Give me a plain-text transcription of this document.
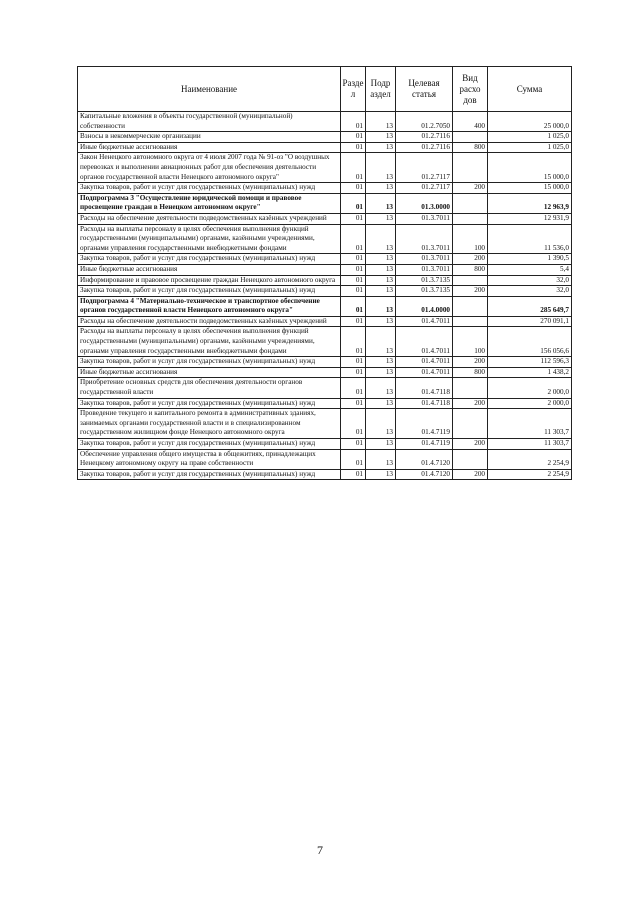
Наименование	Разде л	Подр аздел	Целевая статья	Вид расхо дов	Сумма
Капитальные вложения в объекты государственной (муниципальной) собственности	01	13	01.2.7050	400	25 000,0
Взносы в некоммерческие организации	01	13	01.2.7116		1 025,0
Иные бюджетные ассигнования	01	13	01.2.7116	800	1 025,0
Закон Ненецкого автономного округа от 4 июля 2007 года № 91-оз "О воздушных перевозках и выполнении авиационных работ для обеспечения деятельности органов государственной власти Ненецкого автономного округа"	01	13	01.2.7117		15 000,0
Закупка товаров, работ и услуг для государственных (муниципальных) нужд	01	13	01.2.7117	200	15 000,0
Подпрограмма 3 "Осуществление юридической помощи и правовое просвещение граждан в Ненецком автономном округе"	01	13	01.3.0000		12 963,9
Расходы на обеспечение деятельности подведомственных казённых учреждений	01	13	01.3.7011		12 931,9
Расходы на выплаты персоналу в целях обеспечения выполнения функций государственными (муниципальными) органами, казёнными учреждениями, органами управления государственными внебюджетными фондами	01	13	01.3.7011	100	11 536,0
Закупка товаров, работ и услуг для государственных (муниципальных) нужд	01	13	01.3.7011	200	1 390,5
Иные бюджетные ассигнования	01	13	01.3.7011	800	5,4
Информирование и правовое просвещение граждан Ненецкого автономного округа	01	13	01.3.7135		32,0
Закупка товаров, работ и услуг для государственных (муниципальных) нужд	01	13	01.3.7135	200	32,0
Подпрограмма 4 "Материально-техническое и транспортное обеспечение органов государственной власти Ненецкого автономного округа"	01	13	01.4.0000		285 649,7
Расходы на обеспечение деятельности подведомственных казённых учреждений	01	13	01.4.7011		270 091,1
Расходы на выплаты персоналу в целях обеспечения выполнения функций государственными (муниципальными) органами, казёнными учреждениями, органами управления государственными внебюджетными фондами	01	13	01.4.7011	100	156 056,6
Закупка товаров, работ и услуг для государственных (муниципальных) нужд	01	13	01.4.7011	200	112 596,3
Иные бюджетные ассигнования	01	13	01.4.7011	800	1 438,2
Приобретение основных средств для обеспечения деятельности органов государственной власти	01	13	01.4.7118		2 000,0
Закупка товаров, работ и услуг для государственных (муниципальных) нужд	01	13	01.4.7118	200	2 000,0
Проведение текущего и капитального ремонта в административных зданиях, занимаемых органами государственной власти и в специализированном государственном жилищном фонде Ненецкого автономного округа	01	13	01.4.7119		11 303,7
Закупка товаров, работ и услуг для государственных (муниципальных) нужд	01	13	01.4.7119	200	11 303,7
Обеспечение управления общего имущества в общежитиях, принадлежащих Ненецкому автономному округу на праве собственности	01	13	01.4.7120		2 254,9
Закупка товаров, работ и услуг для государственных (муниципальных) нужд	01	13	01.4.7120	200	2 254,9
7
